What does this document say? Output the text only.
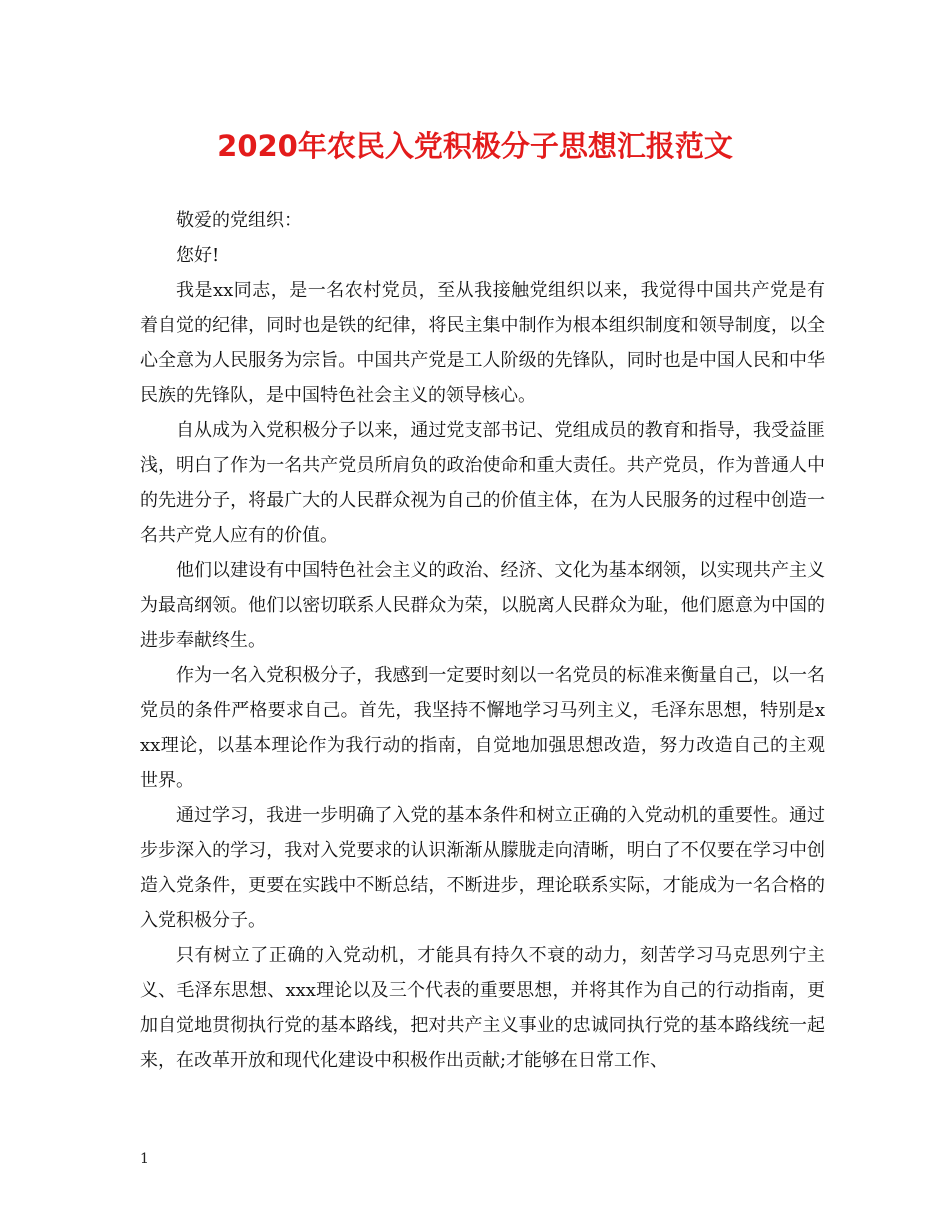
2020年农民入党积极分子思想汇报范文

敬爱的党组织：

您好!

我是xx同志，是一名农村党员，至从我接触党组织以来，我觉得中国共产党是有着自觉的纪律，同时也是铁的纪律，将民主集中制作为根本组织制度和领导制度，以全心全意为人民服务为宗旨。中国共产党是工人阶级的先锋队，同时也是中国人民和中华民族的先锋队，是中国特色社会主义的领导核心。

自从成为入党积极分子以来，通过党支部书记、党组成员的教育和指导，我受益匪浅，明白了作为一名共产党员所肩负的政治使命和重大责任。共产党员，作为普通人中的先进分子，将最广大的人民群众视为自己的价值主体，在为人民服务的过程中创造一名共产党人应有的价值。

他们以建设有中国特色社会主义的政治、经济、文化为基本纲领，以实现共产主义为最高纲领。他们以密切联系人民群众为荣，以脱离人民群众为耻，他们愿意为中国的进步奉献终生。

作为一名入党积极分子，我感到一定要时刻以一名党员的标准来衡量自己，以一名党员的条件严格要求自己。首先，我坚持不懈地学习马列主义，毛泽东思想，特别是xxx理论，以基本理论作为我行动的指南，自觉地加强思想改造，努力改造自己的主观世界。

通过学习，我进一步明确了入党的基本条件和树立正确的入党动机的重要性。通过步步深入的学习，我对入党要求的认识渐渐从朦胧走向清晰，明白了不仅要在学习中创造入党条件，更要在实践中不断总结，不断进步，理论联系实际，才能成为一名合格的入党积极分子。

只有树立了正确的入党动机，才能具有持久不衰的动力，刻苦学习马克思列宁主义、毛泽东思想、xxx理论以及三个代表的重要思想，并将其作为自己的行动指南，更加自觉地贯彻执行党的基本路线，把对共产主义事业的忠诚同执行党的基本路线统一起来，在改革开放和现代化建设中积极作出贡献;才能够在日常工作、

1
